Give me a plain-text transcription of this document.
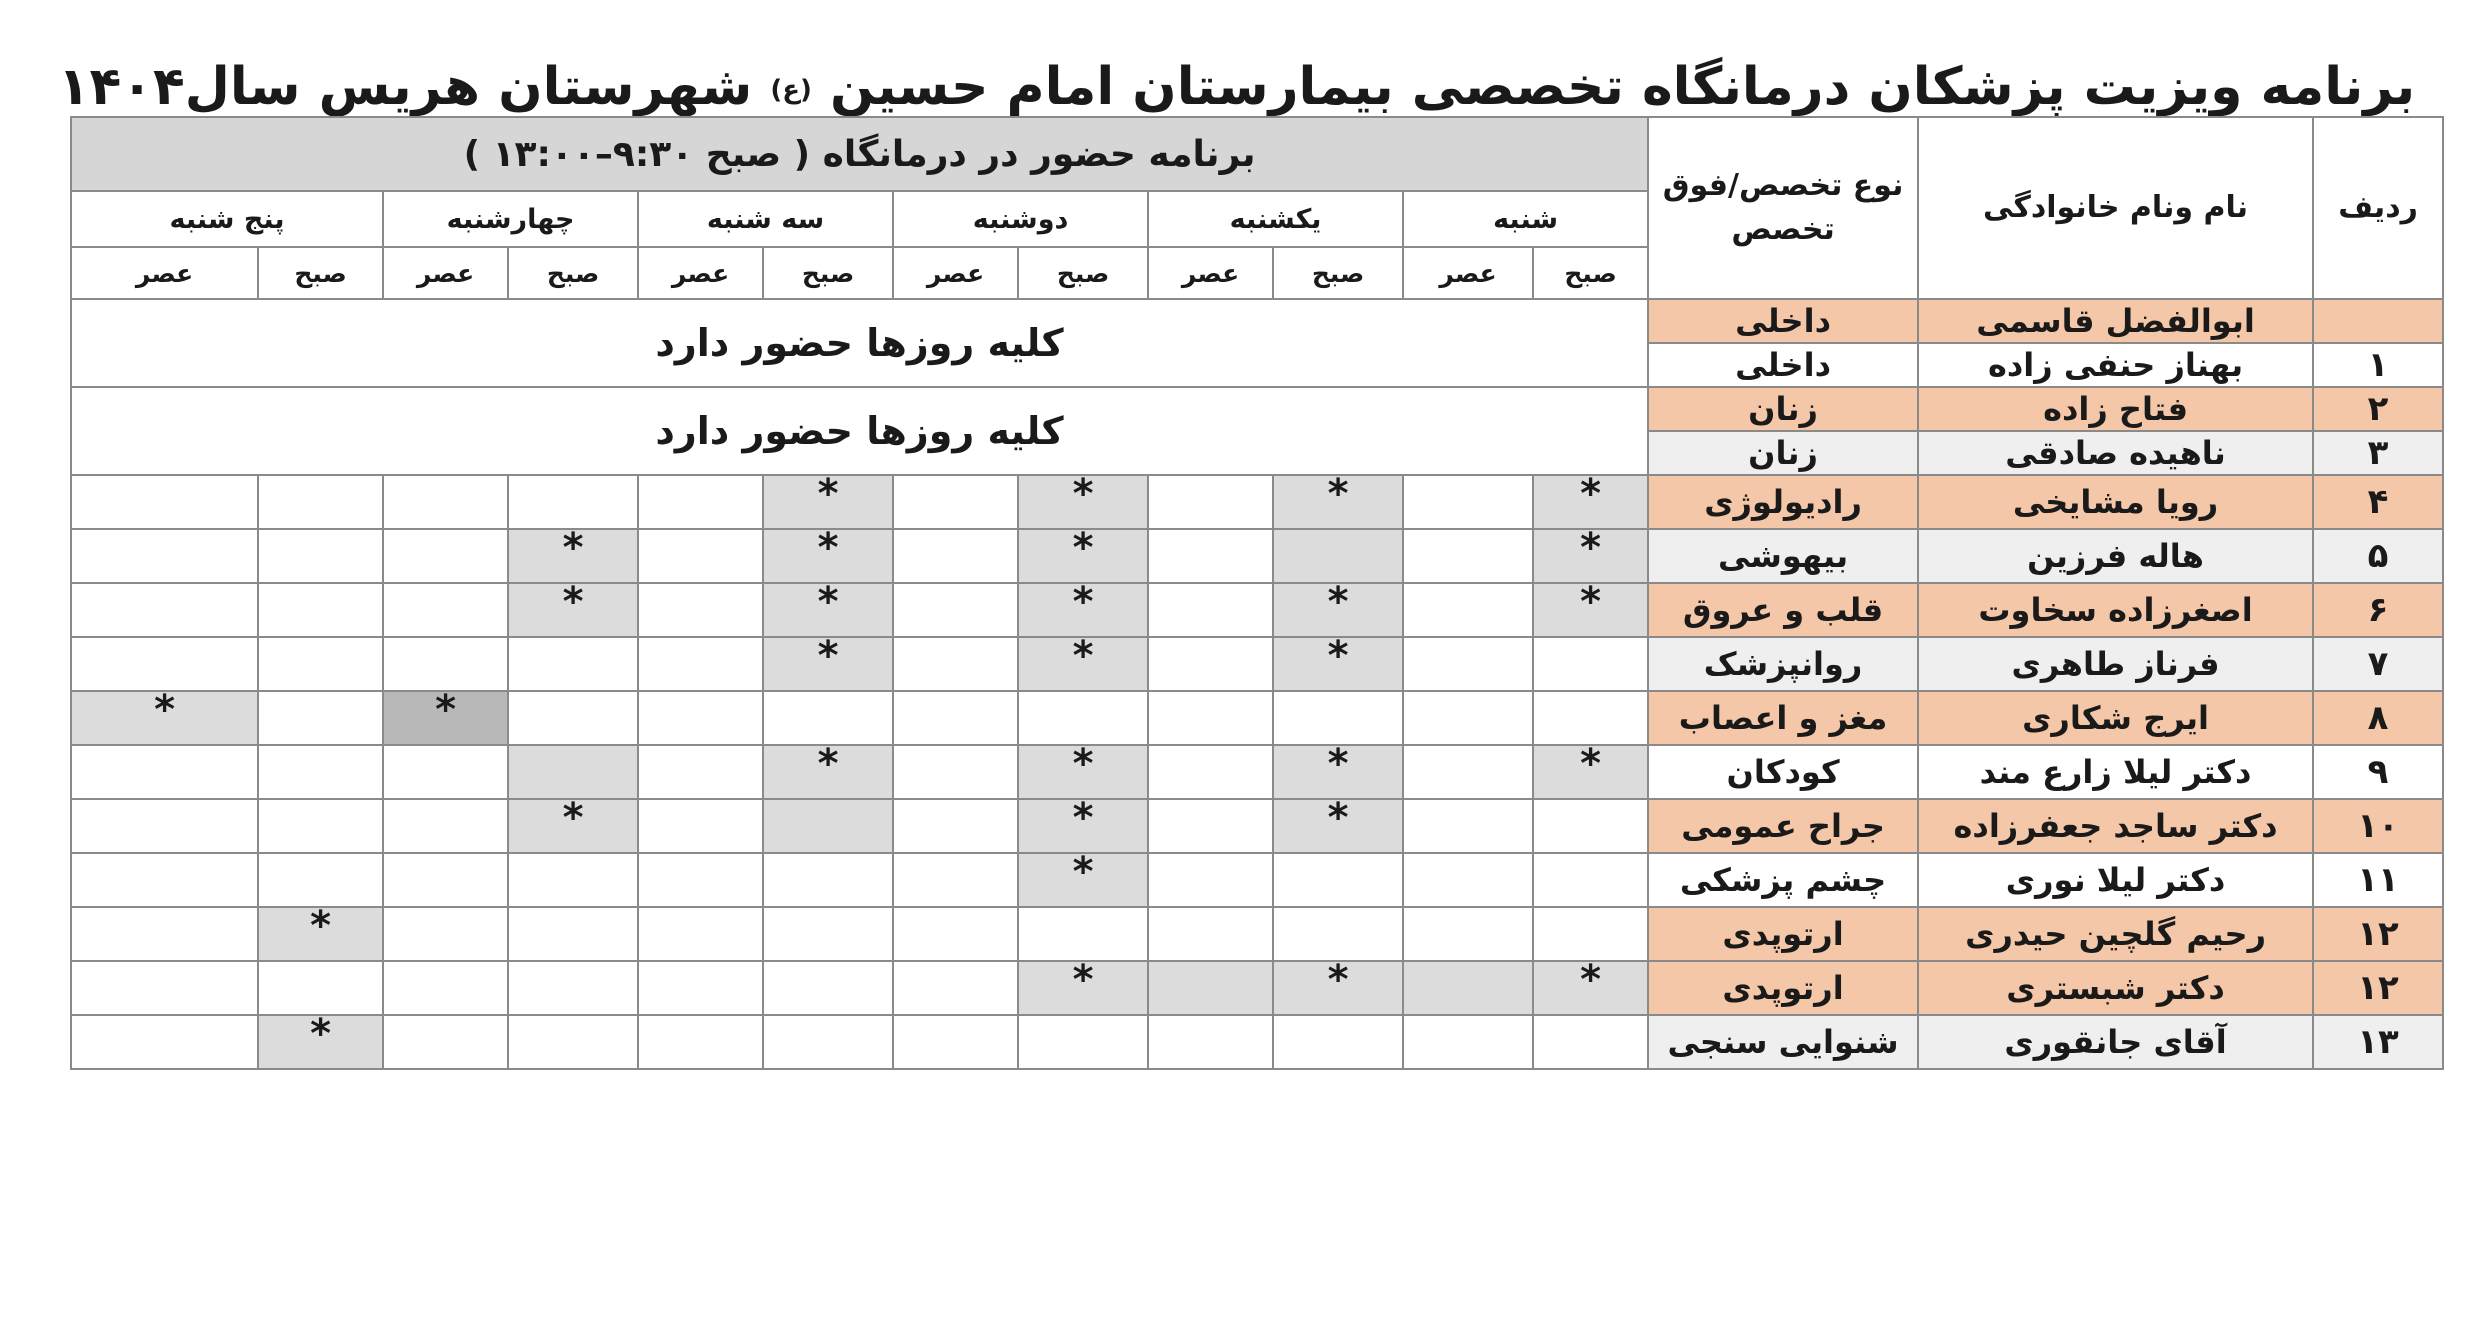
برنامه ویزیت پزشکان درمانگاه تخصصی بیمارستان امام حسین (ع) شهرستان هریس سال۱۴۰۴
ردیف	نام ونام خانوادگی	نوع تخصص/فوق تخصص	برنامه حضور در درمانگاه ( صبح ۹:۳۰–۱۳:۰۰ )											
			شنبه		یکشنبه		دوشنبه		سه شنبه		چهارشنبه		پنج شنبه	
			صبح	عصر	صبح	عصر	صبح	عصر	صبح	عصر	صبح	عصر	صبح	عصر
	ابوالفضل قاسمی	داخلی	کلیه روزها حضور دارد											
۱	بهناز حنفی زاده	داخلی												
۲	فتاح زاده	زنان	کلیه روزها حضور دارد											
۳	ناهیده صادقی	زنان												
۴	رویا مشایخی	رادیولوژی	*		*		*		*					
۵	هاله فرزین	بیهوشی	*				*		*		*			
۶	اصغرزاده سخاوت	قلب و عروق	*		*		*		*		*			
۷	فرناز طاهری	روانپزشک			*		*		*					
۸	ایرج شکاری	مغز و اعصاب										*		*
۹	دکتر لیلا زارع مند	کودکان	*		*		*		*					
۱۰	دکتر ساجد جعفرزاده	جراح عمومی			*		*				*			
۱۱	دکتر لیلا نوری	چشم پزشکی					*							
۱۲	رحیم گلچین حیدری	ارتوپدی											*	
۱۲	دکتر شبستری	ارتوپدی	*		*		*							
۱۳	آقای جانقوری	شنوایی سنجی											*	
